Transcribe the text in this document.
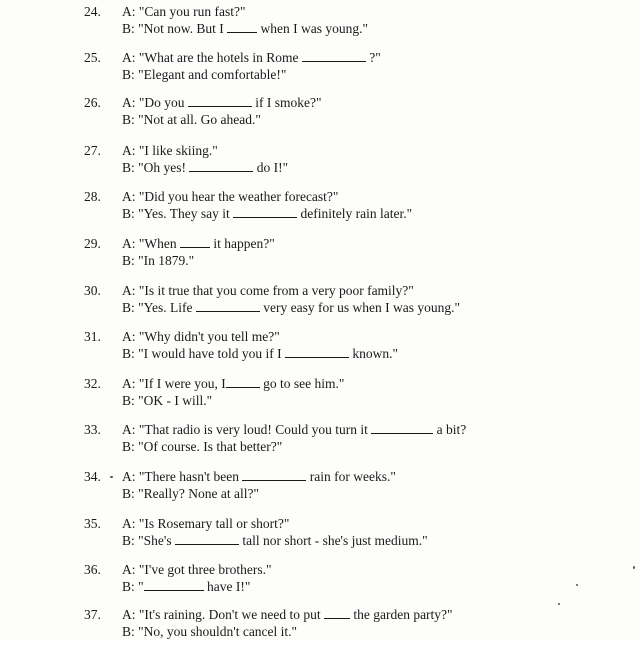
24. A: "Can you run fast?"
B: "Not now. But I  when I was young."
25. A: "What are the hotels in Rome	?"
B: "Elegant and comfortable!"
26. A: "Do you	if I smoke?"
B: "Not at all. Go ahead."
27. A: "I like skiing."
B: "Oh yes!	do I!"
28. A: "Did you hear the weather forecast?"
B: "Yes. They say it	definitely rain later."
29. A: "When  it happen?"
B: "In 1879."
30. A: "Is it true that you come from a very poor family?"
B: "Yes. Life	very easy for us when I was young."
31. A: "Why didn't you tell me?"
B: "I would have told you if I	known."
32. A: "If I were you, I	go to see him."
B: "OK - I will."
33. A: "That radio is very loud! Could you turn it	a bit?
B: "Of course. Is that better?"
34. A: "There hasn't been	rain for weeks."
B: "Really? None at all?"
35. A: "Is Rosemary tall or short?"
B: "She's	tall nor short - she's just medium."
36. A: "I've got three brothers."
B: "	have I!"
37. A: "It's raining. Don't we need to put  the garden party?"
B: "No, you shouldn't cancel it."
